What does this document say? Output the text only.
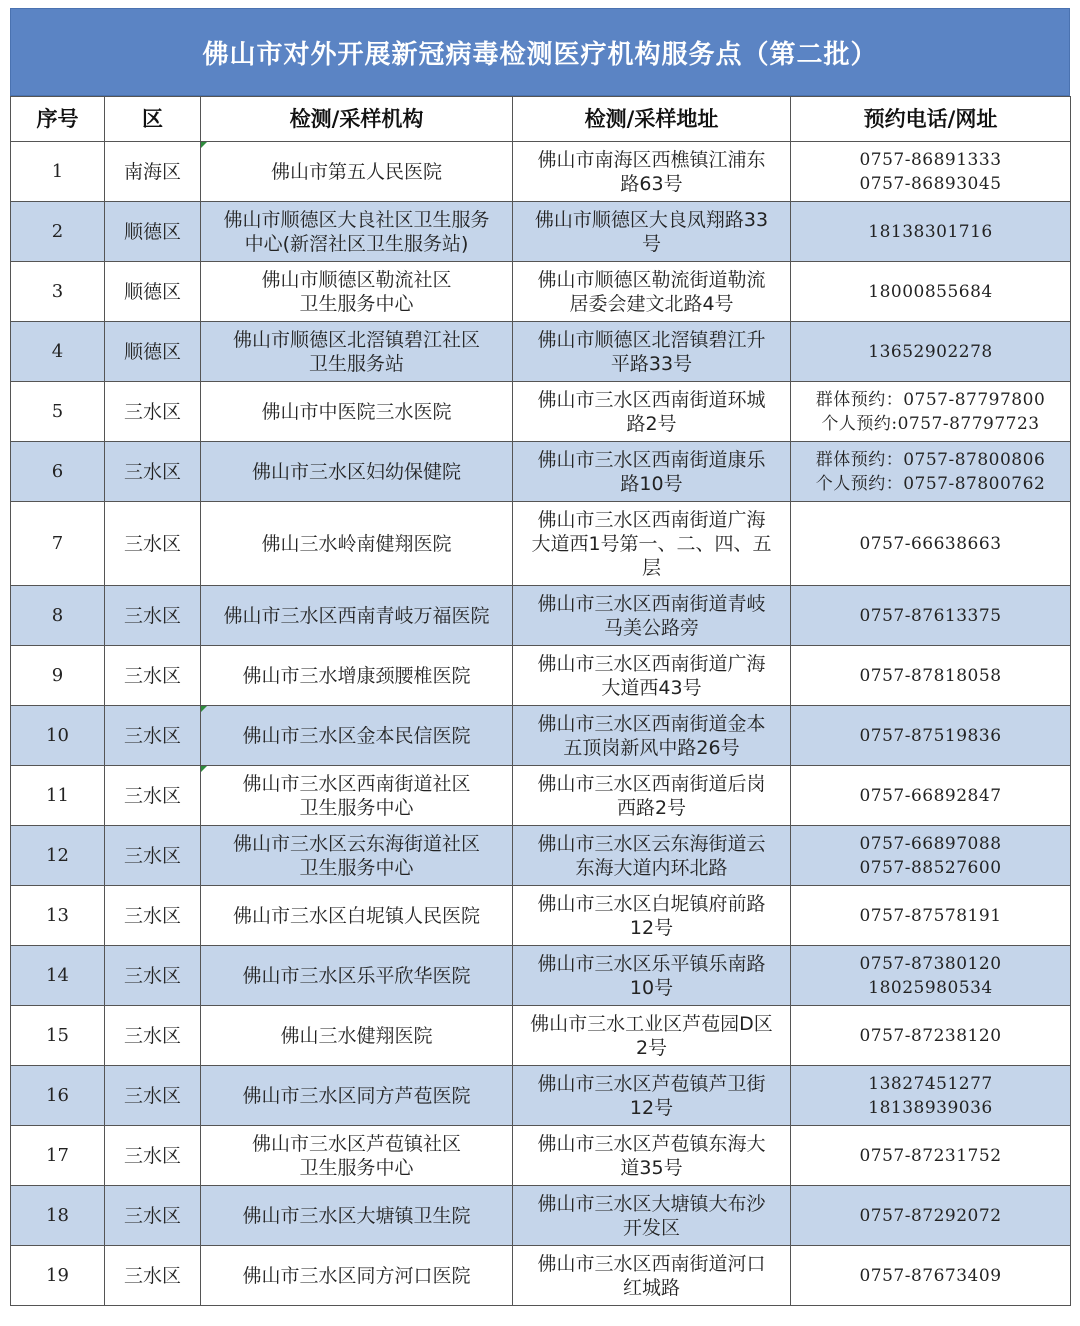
佛山市对外开展新冠病毒检测医疗机构服务点（第二批）
序号	区	检测/采样机构	检测/采样地址	预约电话/网址
1	南海区	佛山市第五人民医院	佛山市南海区西樵镇江浦东
路63号	0757-86891333
0757-86893045

2	顺德区	佛山市顺德区大良社区卫生服务
中心(新滘社区卫生服务站)	佛山市顺德区大良凤翔路33
号	18138301716

3	顺德区	佛山市顺德区勒流社区
卫生服务中心	佛山市顺德区勒流街道勒流
居委会建文北路4号	18000855684

4	顺德区	佛山市顺德区北滘镇碧江社区
卫生服务站	佛山市顺德区北滘镇碧江升
平路33号	13652902278

5	三水区	佛山市中医院三水医院	佛山市三水区西南街道环城
路2号	群体预约：0757-87797800
个人预约:0757-87797723

6	三水区	佛山市三水区妇幼保健院	佛山市三水区西南街道康乐
路10号	群体预约：0757-87800806
个人预约：0757-87800762

7	三水区	佛山三水岭南健翔医院	佛山市三水区西南街道广海
大道西1号第一、二、四、五
层	0757-66638663

8	三水区	佛山市三水区西南青岐万福医院	佛山市三水区西南街道青岐
马美公路旁	0757-87613375

9	三水区	佛山市三水增康颈腰椎医院	佛山市三水区西南街道广海
大道西43号	0757-87818058

10	三水区	佛山市三水区金本民信医院	佛山市三水区西南街道金本
五顶岗新风中路26号	0757-87519836

11	三水区	佛山市三水区西南街道社区
卫生服务中心	佛山市三水区西南街道后岗
西路2号	0757-66892847

12	三水区	佛山市三水区云东海街道社区
卫生服务中心	佛山市三水区云东海街道云
东海大道内环北路	0757-66897088
0757-88527600

13	三水区	佛山市三水区白坭镇人民医院	佛山市三水区白坭镇府前路
12号	0757-87578191

14	三水区	佛山市三水区乐平欣华医院	佛山市三水区乐平镇乐南路
10号	0757-87380120
18025980534

15	三水区	佛山三水健翔医院	佛山市三水工业区芦苞园D区
2号	0757-87238120

16	三水区	佛山市三水区同方芦苞医院	佛山市三水区芦苞镇芦卫街
12号	13827451277
18138939036

17	三水区	佛山市三水区芦苞镇社区
卫生服务中心	佛山市三水区芦苞镇东海大
道35号	0757-87231752

18	三水区	佛山市三水区大塘镇卫生院	佛山市三水区大塘镇大布沙
开发区	0757-87292072

19	三水区	佛山市三水区同方河口医院	佛山市三水区西南街道河口
红城路	0757-87673409
